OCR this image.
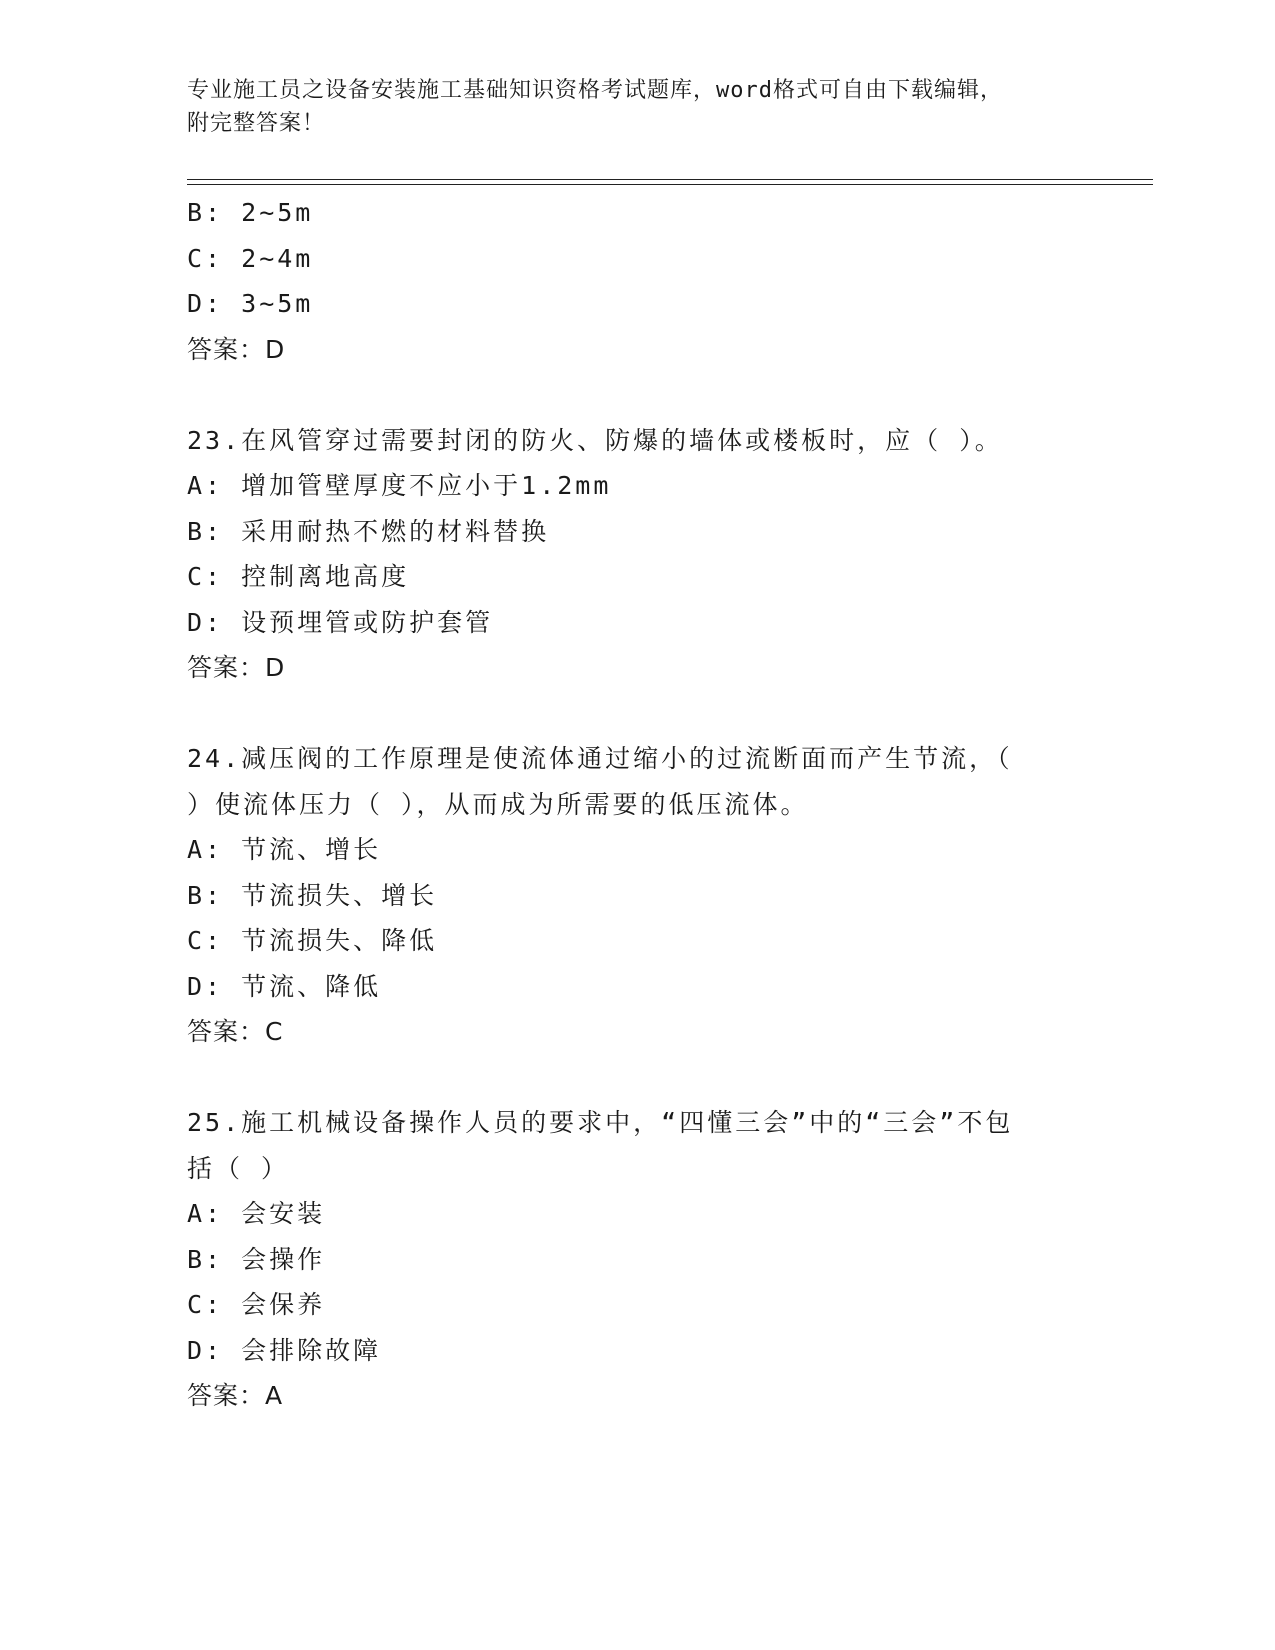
专业施工员之设备安装施工基础知识资格考试题库，word格式可自由下载编辑，
附完整答案！
B: 2~5m
C: 2~4m
D: 3~5m
答案：D
23.在风管穿过需要封闭的防火、防爆的墙体或楼板时，应（ ）。
A: 增加管壁厚度不应小于1.2mm
B: 采用耐热不燃的材料替换
C: 控制离地高度
D: 设预埋管或防护套管
答案：D
24.减压阀的工作原理是使流体通过缩小的过流断面而产生节流，（
）使流体压力（ ），从而成为所需要的低压流体。
A: 节流、增长
B: 节流损失、增长
C: 节流损失、降低
D: 节流、降低
答案：C
25.施工机械设备操作人员的要求中，“四懂三会”中的“三会”不包
括（ ）
A: 会安装
B: 会操作
C: 会保养
D: 会排除故障
答案：A
